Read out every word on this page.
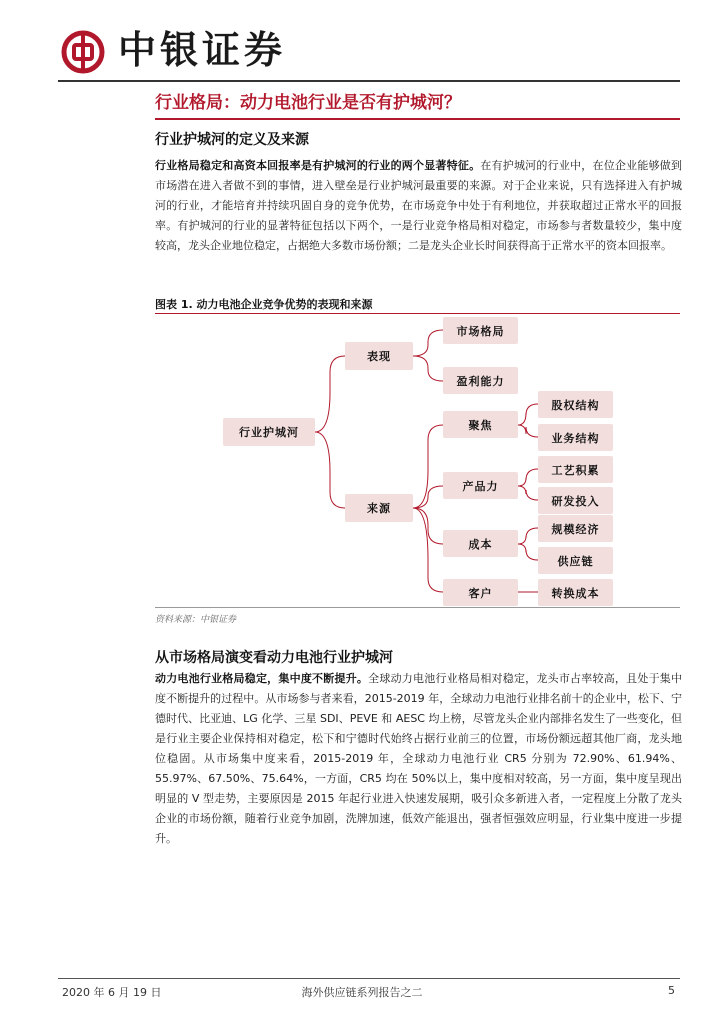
中银证券
行业格局：动力电池行业是否有护城河？
行业护城河的定义及来源
行业格局稳定和高资本回报率是有护城河的行业的两个显著特征。在有护城河的行业中，在位企业能够做到市场潜在进入者做不到的事情，进入壁垒是行业护城河最重要的来源。对于企业来说，只有选择进入有护城河的行业，才能培育并持续巩固自身的竞争优势，在市场竞争中处于有利地位，并获取超过正常水平的回报率。有护城河的行业的显著特征包括以下两个，一是行业竞争格局相对稳定，市场参与者数量较少，集中度较高，龙头企业地位稳定，占据绝大多数市场份额；二是龙头企业长时间获得高于正常水平的资本回报率。
图表 1. 动力电池企业竞争优势的表现和来源
行业护城河
表现
来源
市场格局
盈利能力
聚焦
产品力
成本
客户
股权结构
业务结构
工艺积累
研发投入
规模经济
供应链
转换成本
资料来源：中银证券
从市场格局演变看动力电池行业护城河
动力电池行业格局稳定，集中度不断提升。全球动力电池行业格局相对稳定，龙头市占率较高，且处于集中度不断提升的过程中。从市场参与者来看，2015-2019 年，全球动力电池行业排名前十的企业中，松下、宁德时代、比亚迪、LG 化学、三星 SDI、PEVE 和 AESC 均上榜，尽管龙头企业内部排名发生了一些变化，但是行业主要企业保持相对稳定，松下和宁德时代始终占据行业前三的位置，市场份额远超其他厂商，龙头地位稳固。从市场集中度来看，2015-2019 年，全球动力电池行业 CR5 分别为 72.90%、61.94%、55.97%、67.50%、75.64%，一方面，CR5 均在 50%以上，集中度相对较高，另一方面，集中度呈现出明显的 V 型走势，主要原因是 2015 年起行业进入快速发展期，吸引众多新进入者，一定程度上分散了龙头企业的市场份额，随着行业竞争加剧，洗牌加速，低效产能退出，强者恒强效应明显，行业集中度进一步提升。
2020 年 6 月 19 日	海外供应链系列报告之二	5
